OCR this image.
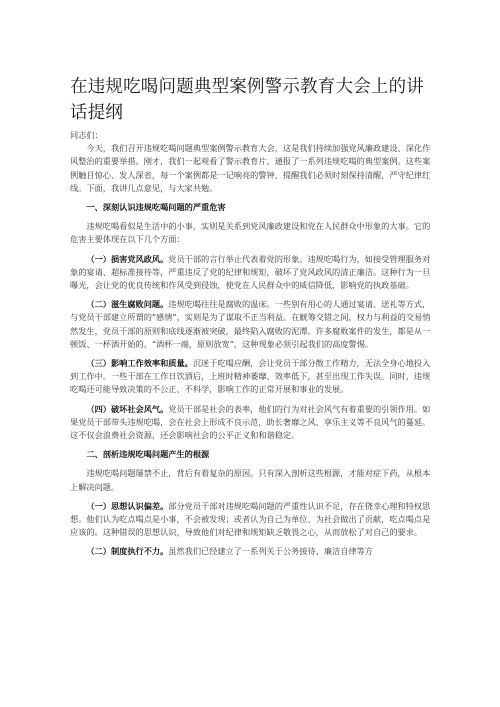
在违规吃喝问题典型案例警示教育大会上的讲话提纲

同志们：

今天，我们召开违规吃喝问题典型案例警示教育大会，这是我们持续加强党风廉政建设、深化作风整治的重要举措。刚才，我们一起观看了警示教育片，通报了一系列违规吃喝的典型案例。这些案例触目惊心、发人深省，每一个案例都是一记响亮的警钟，提醒我们必须时刻保持清醒，严守纪律红线。下面，我讲几点意见，与大家共勉。

一、深刻认识违规吃喝问题的严重危害

违规吃喝看似是生活中的小事，实则是关系到党风廉政建设和党在人民群众中形象的大事。它的危害主要体现在以下几个方面：

（一）损害党风政风。党员干部的言行举止代表着党的形象。违规吃喝行为，如接受管理服务对象的宴请、超标准接待等，严重违反了党的纪律和规矩，破坏了党风政风的清正廉洁。这种行为一旦曝光，会让党的优良传统和作风受到侵蚀，使党在人民群众中的威信降低，影响党的执政基础。

（二）滋生腐败问题。违规吃喝往往是腐败的温床。一些别有用心的人通过宴请、送礼等方式，与党员干部建立所谓的“感情”，实则是为了谋取不正当利益。在觥筹交错之间，权力与利益的交易悄然发生，党员干部的原则和底线逐渐被突破，最终陷入腐败的泥潭。许多腐败案件的发生，都是从一顿饭、一杯酒开始的，“酒杯一端，原则放宽”，这种现象必须引起我们的高度警惕。

（三）影响工作效率和质量。沉迷于吃喝应酬，会让党员干部分散工作精力，无法全身心地投入到工作中。一些干部在工作日饮酒后，上班时精神萎靡、效率低下，甚至出现工作失误。同时，违规吃喝还可能导致决策的不公正、不科学，影响工作的正常开展和事业的发展。

（四）破坏社会风气。党员干部是社会的表率，他们的行为对社会风气有着重要的引领作用。如果党员干部带头违规吃喝，会在社会上形成不良示范，助长奢靡之风、享乐主义等不良风气的蔓延。这不仅会浪费社会资源，还会影响社会的公平正义和和谐稳定。

二、剖析违规吃喝问题产生的根源

违规吃喝问题屡禁不止，背后有着复杂的原因。只有深入剖析这些根源，才能对症下药，从根本上解决问题。

（一）思想认识偏差。部分党员干部对违规吃喝问题的严重性认识不足，存在侥幸心理和特权思想。他们认为吃点喝点是小事，不会被发现；或者认为自己为单位、为社会做出了贡献，吃点喝点是应该的。这种错误的思想认识，导致他们对纪律和规矩缺乏敬畏之心，从而放松了对自己的要求。

（二）制度执行不力。虽然我们已经建立了一系列关于公务接待、廉洁自律等方
